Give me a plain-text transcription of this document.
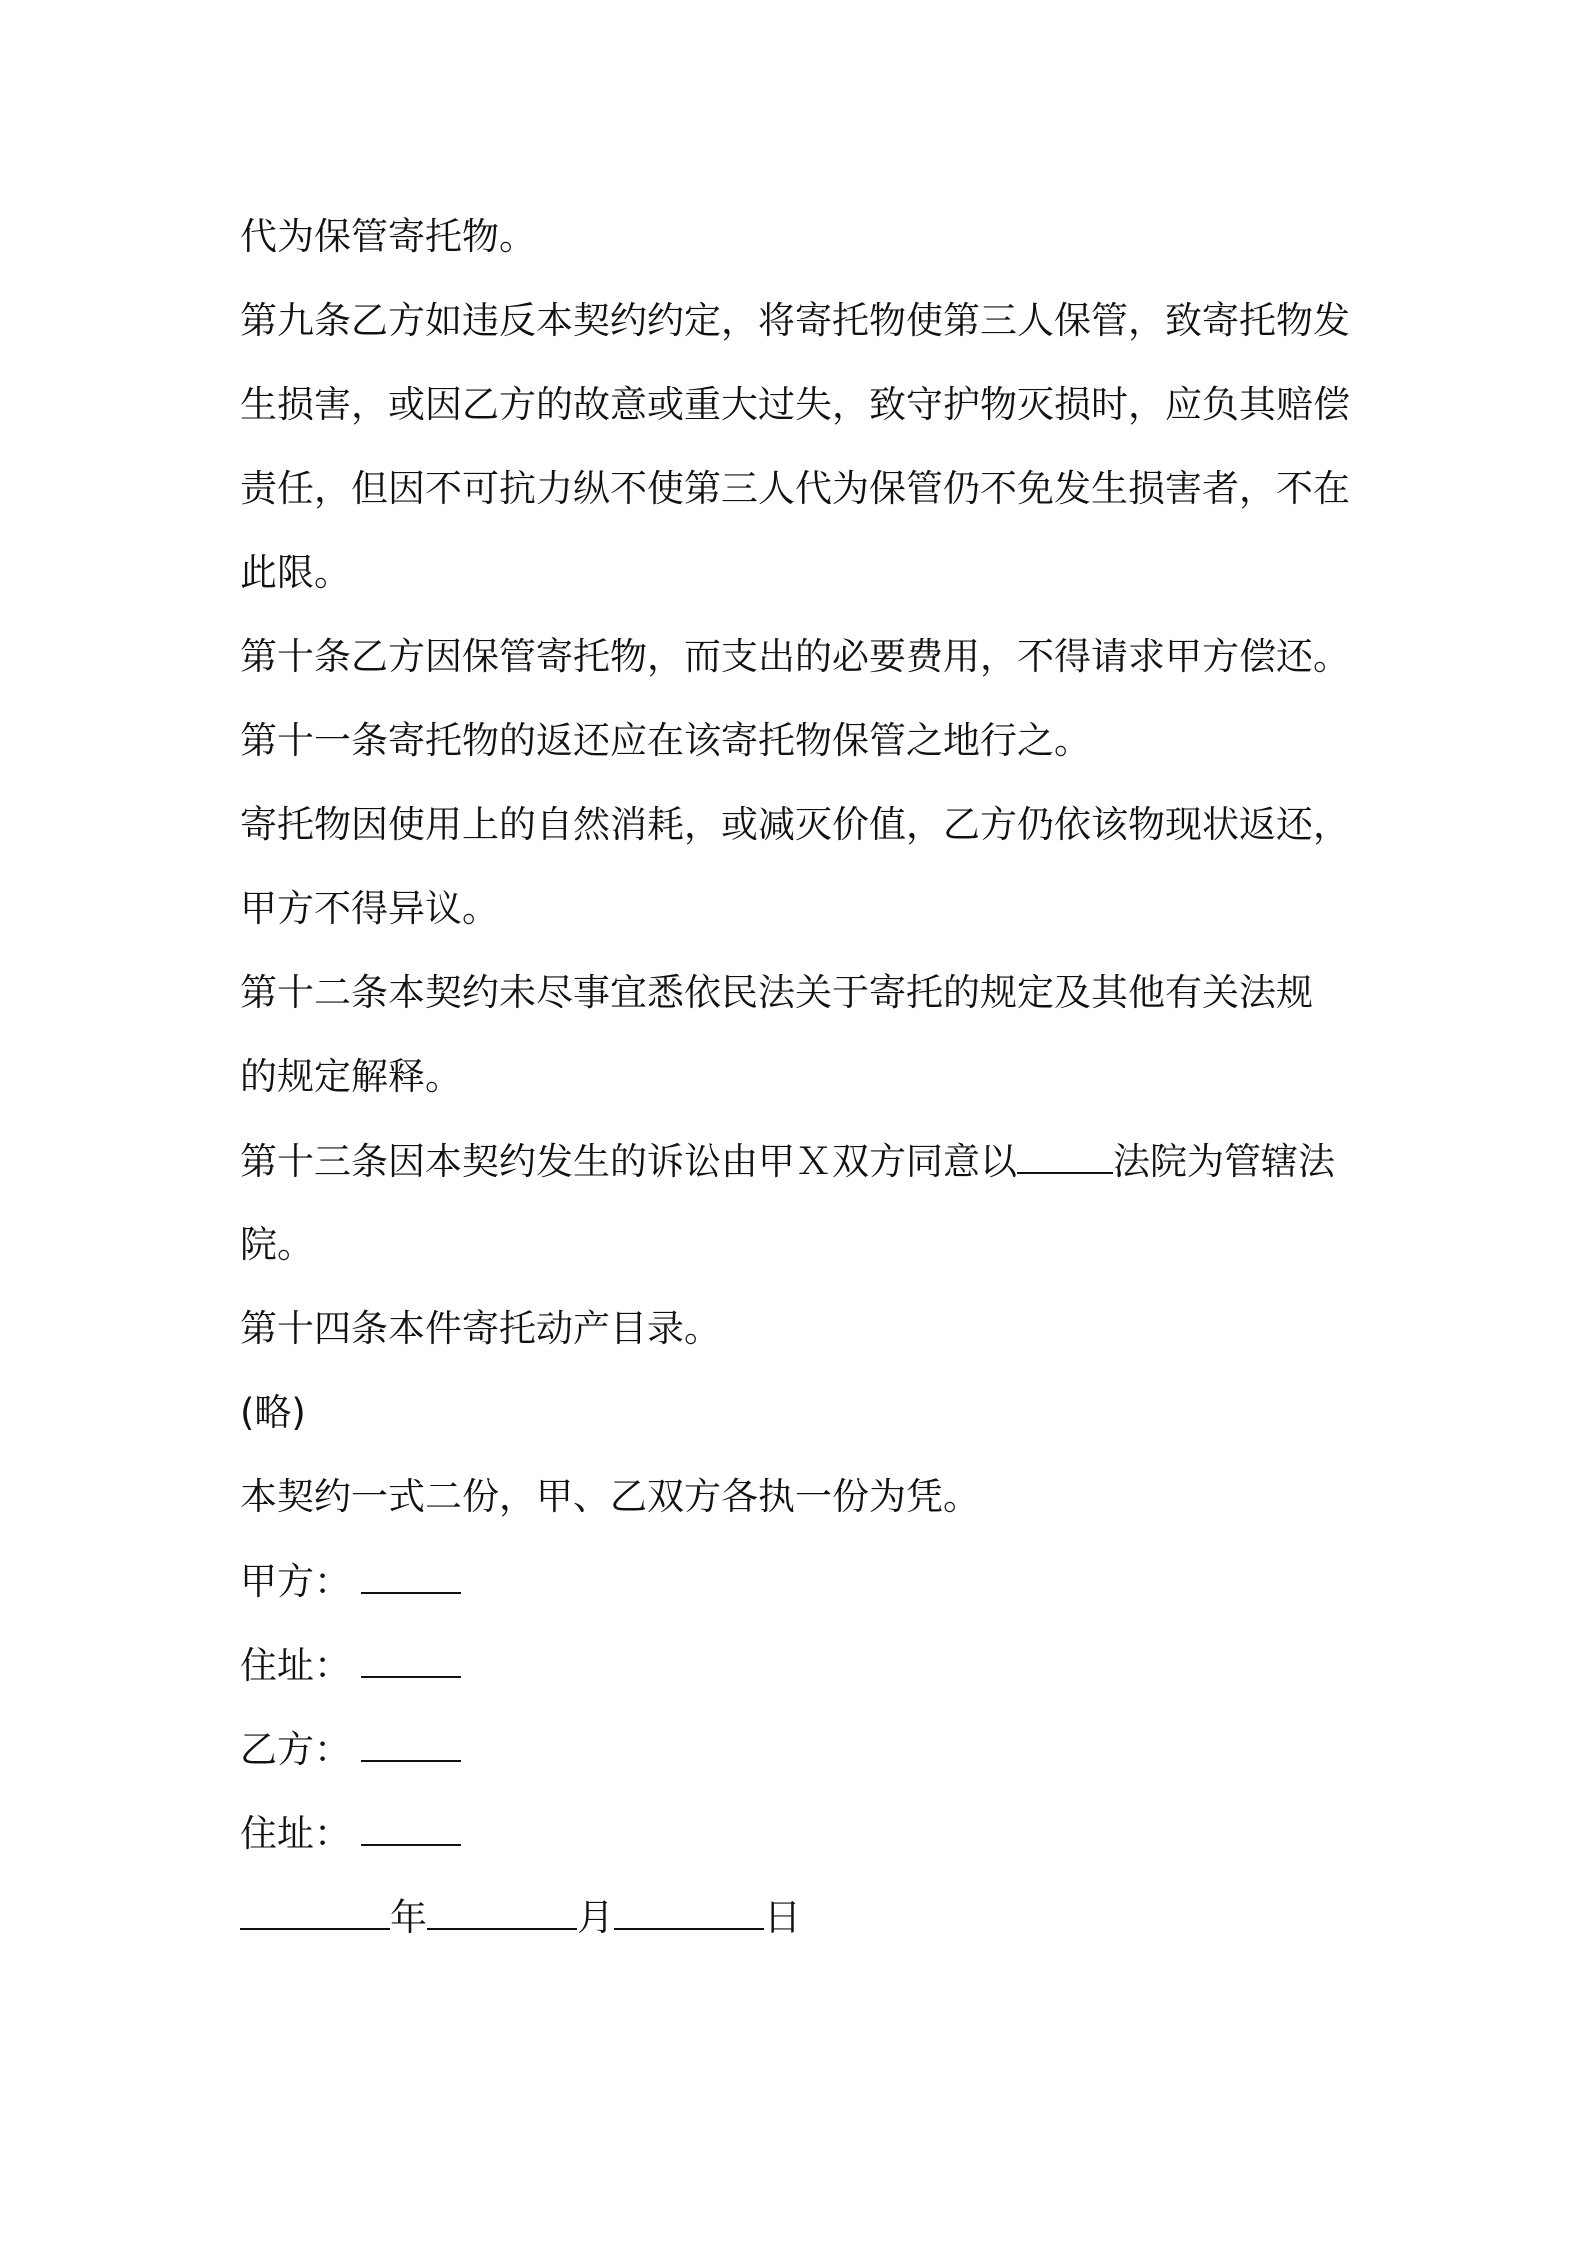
代为保管寄托物。
第九条乙方如违反本契约约定，将寄托物使第三人保管，致寄托物发
生损害，或因乙方的故意或重大过失，致守护物灭损时，应负其赔偿
责任，但因不可抗力纵不使第三人代为保管仍不免发生损害者，不在
此限。
第十条乙方因保管寄托物，而支出的必要费用，不得请求甲方偿还。
第十一条寄托物的返还应在该寄托物保管之地行之。
寄托物因使用上的自然消耗，或减灭价值，乙方仍依该物现状返还，
甲方不得异议。
第十二条本契约未尽事宜悉依民法关于寄托的规定及其他有关法规
的规定解释。
第十三条因本契约发生的诉讼由甲Ｘ双方同意以	法院为管辖法
院。
第十四条本件寄托动产目录。
(略)
本契约一式二份，甲、乙双方各执一份为凭。
甲方：
住址：
乙方：
住址：
年	月	日
